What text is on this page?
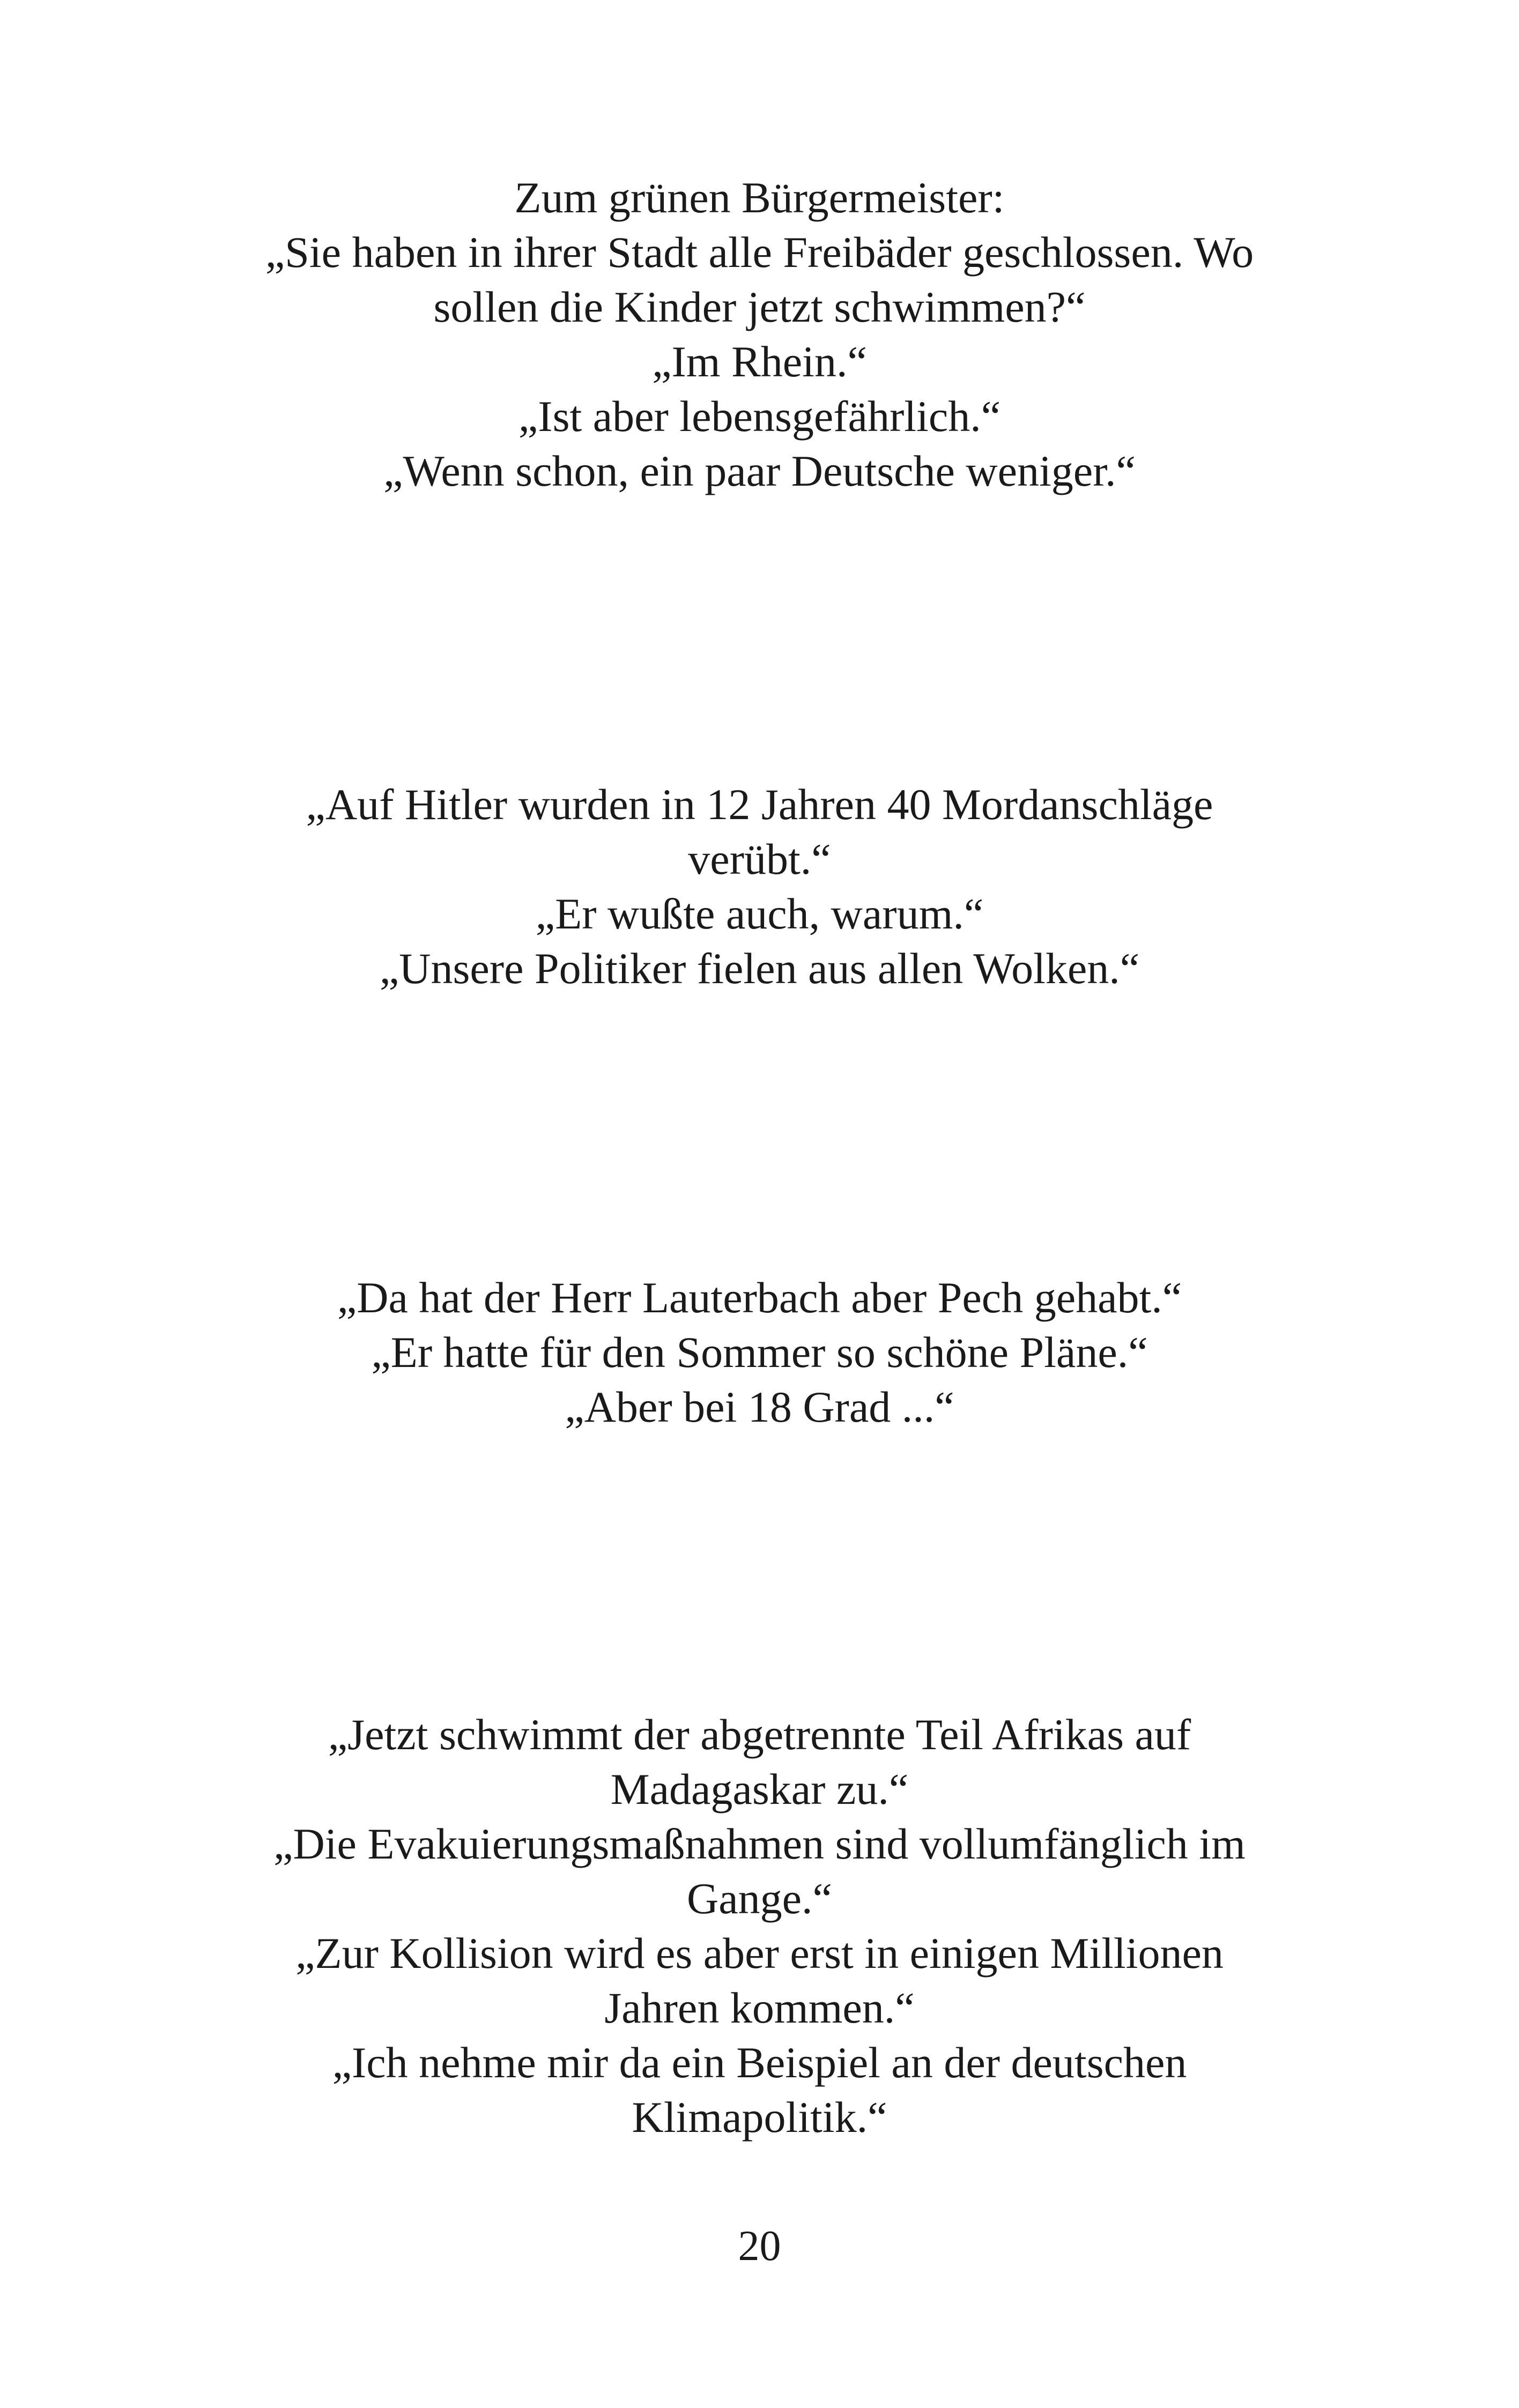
Zum grünen Bürgermeister:
„Sie haben in ihrer Stadt alle Freibäder geschlossen. Wo
sollen die Kinder jetzt schwimmen?“
„Im Rhein.“
„Ist aber lebensgefährlich.“
„Wenn schon, ein paar Deutsche weniger.“
„Auf Hitler wurden in 12 Jahren 40 Mordanschläge
verübt.“
„Er wußte auch, warum.“
„Unsere Politiker fielen aus allen Wolken.“
„Da hat der Herr Lauterbach aber Pech gehabt.“
„Er hatte für den Sommer so schöne Pläne.“
„Aber bei 18 Grad ...“
„Jetzt schwimmt der abgetrennte Teil Afrikas auf
Madagaskar zu.“
„Die Evakuierungsmaßnahmen sind vollumfänglich im
Gange.“
„Zur Kollision wird es aber erst in einigen Millionen
Jahren kommen.“
„Ich nehme mir da ein Beispiel an der deutschen
Klimapolitik.“
20
